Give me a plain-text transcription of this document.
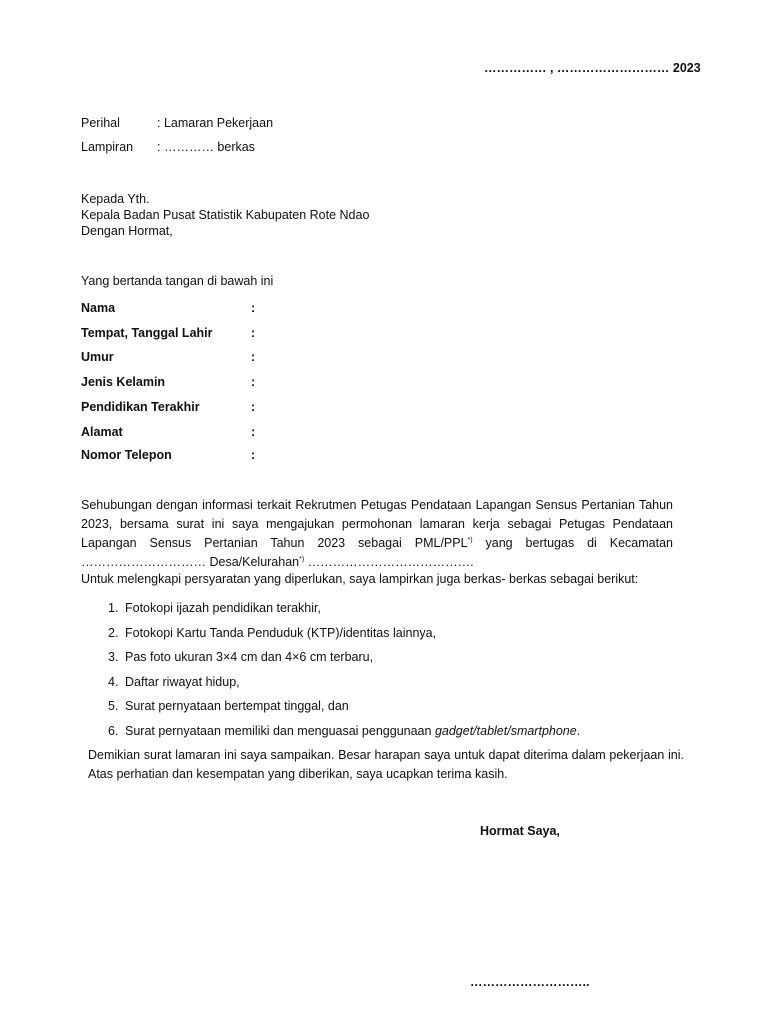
…………… , ……………………… 2023
Perihal	: Lamaran Pekerjaan
Lampiran : ………… berkas
Kepada Yth.
Kepala Badan Pusat Statistik Kabupaten Rote Ndao
Dengan Hormat,
Yang bertanda tangan di bawah ini
Nama	:
Tempat, Tanggal Lahir	:
Umur	:
Jenis Kelamin	:
Pendidikan Terakhir	:
Alamat	:
Nomor Telepon	:
Sehubungan dengan informasi terkait Rekrutmen Petugas Pendataan Lapangan Sensus Pertanian Tahun 2023, bersama surat ini saya mengajukan permohonan lamaran kerja sebagai Petugas Pendataan Lapangan Sensus Pertanian Tahun 2023 sebagai PML/PPL*) yang bertugas di Kecamatan ………………………… Desa/Kelurahan*) ………………………………….
Untuk melengkapi persyaratan yang diperlukan, saya lampirkan juga berkas- berkas sebagai berikut:
1. Fotokopi ijazah pendidikan terakhir,
2. Fotokopi Kartu Tanda Penduduk (KTP)/identitas lainnya,
3. Pas foto ukuran 3×4 cm dan 4×6 cm terbaru,
4. Daftar riwayat hidup,
5. Surat pernyataan bertempat tinggal, dan
6. Surat pernyataan memiliki dan menguasai penggunaan gadget/tablet/smartphone.
Demikian surat lamaran ini saya sampaikan. Besar harapan saya untuk dapat diterima dalam pekerjaan ini. Atas perhatian dan kesempatan yang diberikan, saya ucapkan terima kasih.
Hormat Saya,
………………………..
